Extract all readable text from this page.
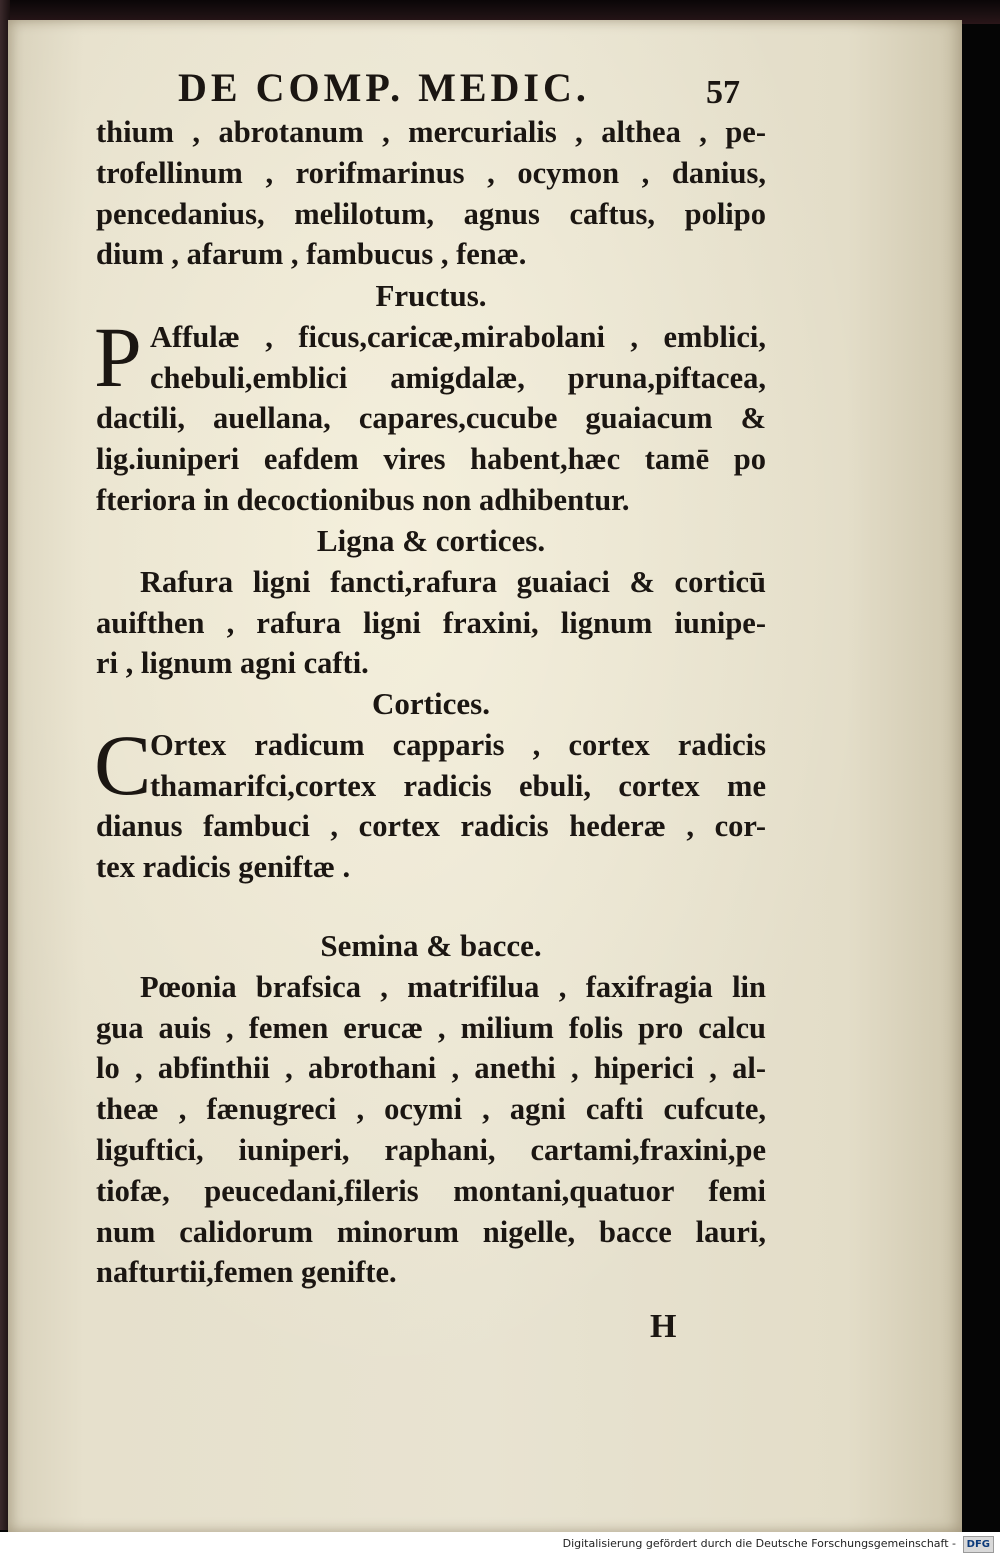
DE COMP. MEDIC.	57
thium , abrotanum , mercurialis , althea , pe-
trofellinum , rorifmarinus , ocymon , danius,
pencedanius, melilotum, agnus caftus, polipo
dium , afarum , fambucus , fenæ.
Fructus.
P Affulæ , ficus,caricæ,mirabolani , emblici,
chebuli,emblici amigdalæ, pruna,piftacea,
dactili, auellana, capares,cucube guaiacum &
lig.iuniperi eafdem vires habent,hæc tamē po
fteriora in decoctionibus non adhibentur.
Ligna & cortices.
Rafura ligni fancti,rafura guaiaci & corticū
auifthen , rafura ligni fraxini, lignum iunipe-
ri , lignum agni cafti.
Cortices.
C
Ortex radicum capparis , cortex radicis
thamarifci,cortex radicis ebuli, cortex me
dianus fambuci , cortex radicis hederæ , cor-
tex radicis geniftæ .
Semina & bacce.
Pœonia brafsica , matrifilua , faxifragia lin
gua auis , femen erucæ , milium folis pro calcu
lo , abfinthii , abrothani , anethi , hiperici , al-
theæ , fænugreci , ocymi , agni cafti cufcute,
liguftici, iuniperi, raphani, cartami,fraxini,pe
tiofæ, peucedani,fileris montani,quatuor femi
num calidorum minorum nigelle, bacce lauri,
nafturtii,femen genifte.
H
Digitalisierung gefördert durch die Deutsche Forschungsgemeinschaft -	DFG
